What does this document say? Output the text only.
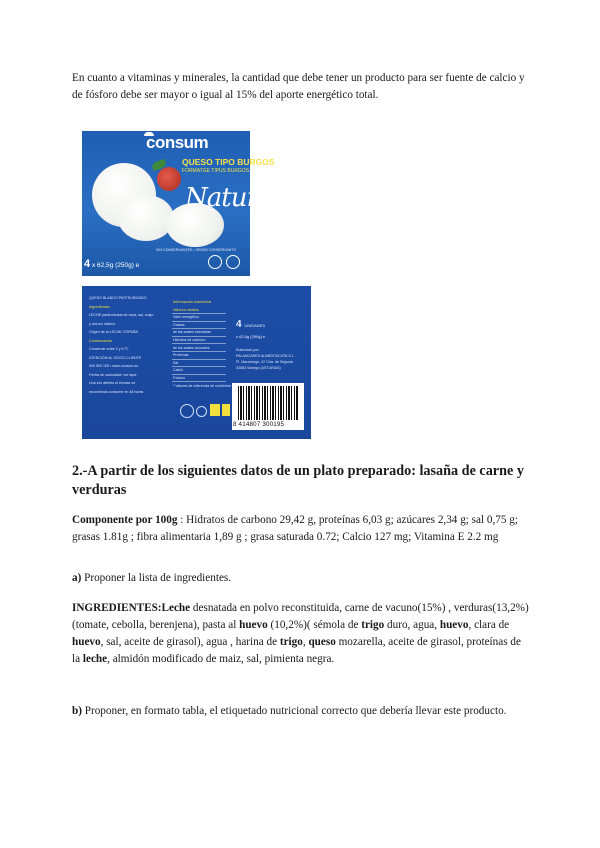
En cuanto a vitaminas y minerales, la cantidad que debe tener un producto para ser fuente de calcio y de fósforo debe ser mayor o igual al 15% del aporte energético total.

consum
QUESO TIPO BURGOS
FORMATGE TIPUS BURGOS
Natural
SIN CONSERVANTES • SENSE CONSERVANTS
4 x 62,5g (250g) e
QUESO BLANCO PASTEURIZADO
Ingredientes
LECHE pasteurizada de vaca, sal, cuajo
y cloruro cálcico.
Origen de la LECHE: ESPAÑA
Conservación
Conservar entre 2 y 6 ºC
ATENCIÓN AL SOCIO-CLIENTE
900 500 126 • www.consum.es
Fecha de caducidad: ver tapa
Una vez abierto el envase se
recomienda consumir en 48 horas
Información nutricional
Valores medios
Valor energético
Grasas
de las cuales saturadas
Hidratos de carbono
de los cuales azúcares
Proteínas
Sal
Calcio
Fósforo
* Valores de referencia de nutrientes
4 UNIDADES
x 62,5g (250g) e
Elaborado por:
PALANCARES ALIMENTACIÓN S.L.
Pl. Marzenego, 47 Ctra. de Segovia
33583 Sariego (ASTURIAS)
8 414807 300195
2.-A partir de los siguientes datos de un plato preparado: lasaña de carne y verduras

Componente por 100g : Hidratos de carbono 29,42 g, proteínas 6,03 g; azúcares 2,34 g; sal 0,75 g; grasas 1.81g ; fibra alimentaria 1,89 g ; grasa saturada 0.72; Calcio 127 mg; Vitamina E 2.2 mg

a) Proponer la lista de ingredientes.

INGREDIENTES:Leche desnatada en polvo reconstituida, carne de vacuno(15%) , verduras(13,2%) (tomate, cebolla, berenjena), pasta al huevo (10,2%)( sémola de trigo duro, agua, huevo, clara de huevo, sal, aceite de girasol), agua , harina de trigo, queso mozarella, aceite de girasol, proteínas de la leche, almidón modificado de maiz, sal, pimienta negra.

b) Proponer, en formato tabla, el etiquetado nutricional correcto que debería llevar este producto.
